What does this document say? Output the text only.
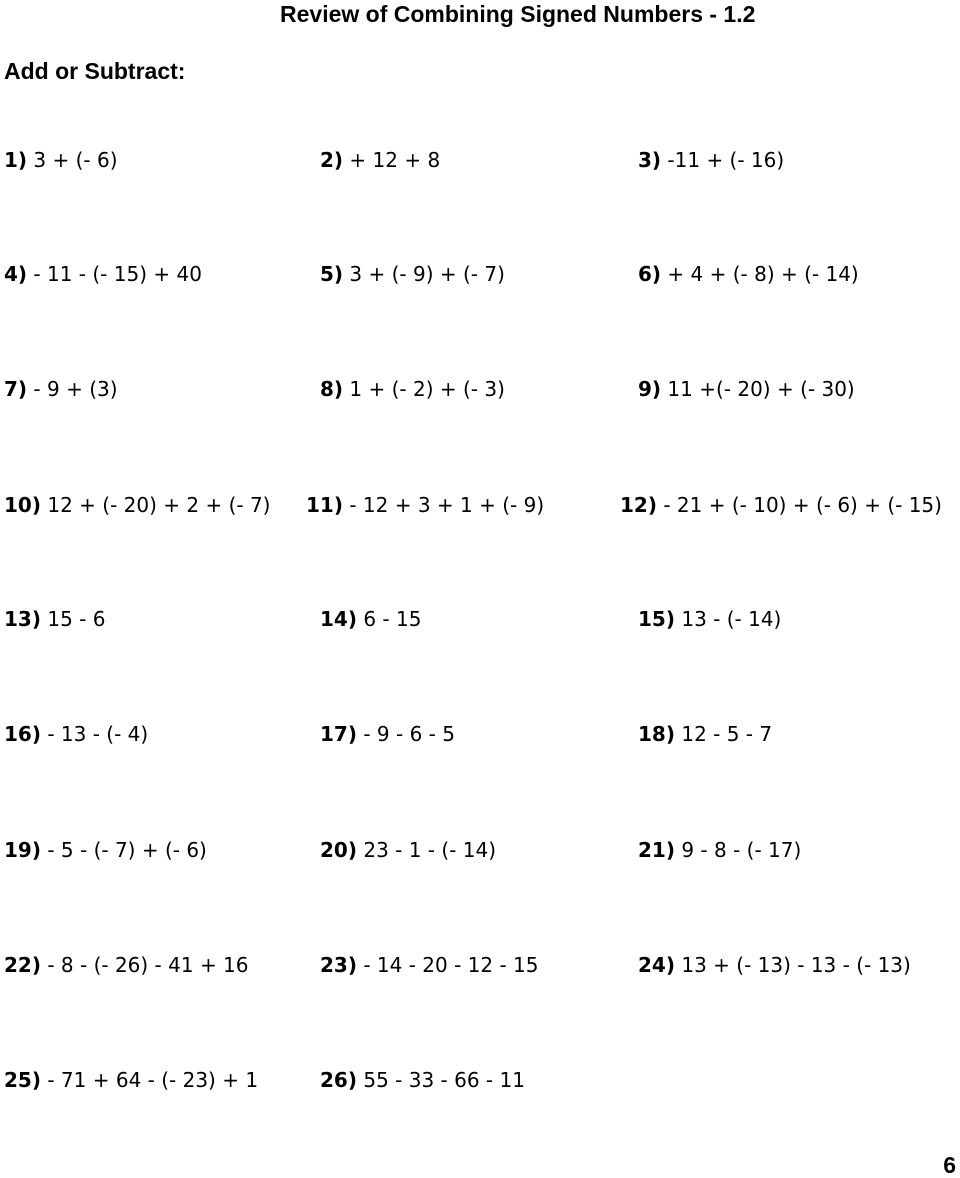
Review of Combining Signed Numbers - 1.2
Add or Subtract:
1) 3 + (- 6)	2) + 12 + 8	3) -11 + (- 16)
4) - 11 - (- 15) + 40	5) 3 + (- 9) + (- 7)	6) + 4 + (- 8) + (- 14)
7) - 9 + (3)	8) 1 + (- 2) + (- 3)	9) 11 +(- 20) + (- 30)
10) 12 + (- 20) + 2 + (- 7) 11) - 12 + 3 + 1 + (- 9)	12) - 21 + (- 10) + (- 6) + (- 15)
13) 15 - 6	14) 6 - 15	15) 13 - (- 14)
16) - 13 - (- 4)	17) - 9 - 6 - 5	18) 12 - 5 - 7
19) - 5 - (- 7) + (- 6)	20) 23 - 1 - (- 14)	21) 9 - 8 - (- 17)
22) - 8 - (- 26) - 41 + 16	23) - 14 - 20 - 12 - 15	24) 13 + (- 13) - 13 - (- 13)
25) - 71 + 64 - (- 23) + 1	26) 55 - 33 - 66 - 11
6
